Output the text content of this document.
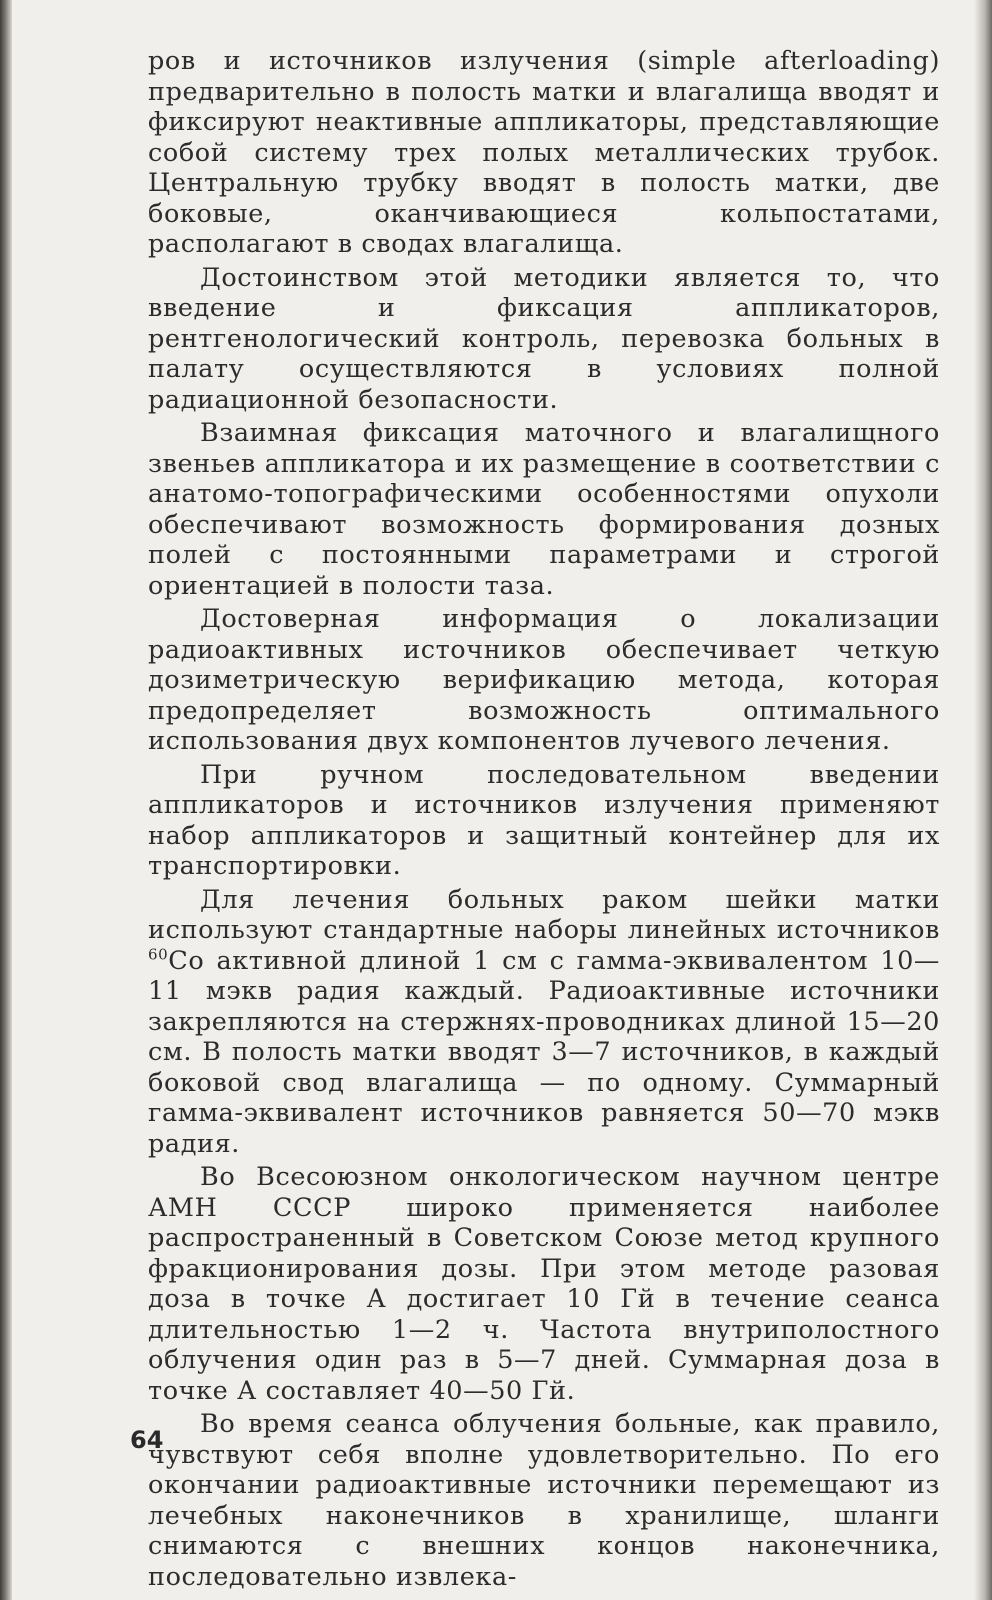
ров и источников излучения (simple afterloading) предварительно в полость матки и влагалища вводят и фиксируют неактивные аппликаторы, представляющие собой систему трех полых металлических трубок. Центральную трубку вводят в полость матки, две боковые, оканчивающиеся кольпостатами, располагают в сводах влагалища.

Достоинством этой методики является то, что введение и фиксация аппликаторов, рентгенологический контроль, перевозка больных в палату осуществляются в условиях полной радиационной безопасности.

Взаимная фиксация маточного и влагалищного звеньев аппликатора и их размещение в соответствии с анатомо-топографическими особенностями опухоли обеспечивают возможность формирования дозных полей с постоянными параметрами и строгой ориентацией в полости таза.

Достоверная информация о локализации радиоактивных источников обеспечивает четкую дозиметрическую верификацию метода, которая предопределяет возможность оптимального использования двух компонентов лучевого лечения.

При ручном последовательном введении аппликаторов и источников излучения применяют набор аппликаторов и защитный контейнер для их транспортировки.

Для лечения больных раком шейки матки используют стандартные наборы линейных источников $^{60}$Co активной длиной 1 см с гамма-эквивалентом 10—11 мэкв радия каждый. Радиоактивные источники закрепляются на стержнях-проводниках длиной 15—20 см. В полость матки вводят 3—7 источников, в каждый боковой свод влагалища — по одному. Суммарный гамма-эквивалент источников равняется 50—70 мэкв радия.

Во Всесоюзном онкологическом научном центре АМН СССР широко применяется наиболее распространенный в Советском Союзе метод крупного фракционирования дозы. При этом методе разовая доза в точке А достигает 10 Гй в течение сеанса длительностью 1—2 ч. Частота внутриполостного облучения один раз в 5—7 дней. Суммарная доза в точке А составляет 40—50 Гй.

Во время сеанса облучения больные, как правило, чувствуют себя вполне удовлетворительно. По его окончании радиоактивные источники перемещают из лечебных наконечников в хранилище, шланги снимаются с внешних концов наконечника, последовательно извлека-

64
